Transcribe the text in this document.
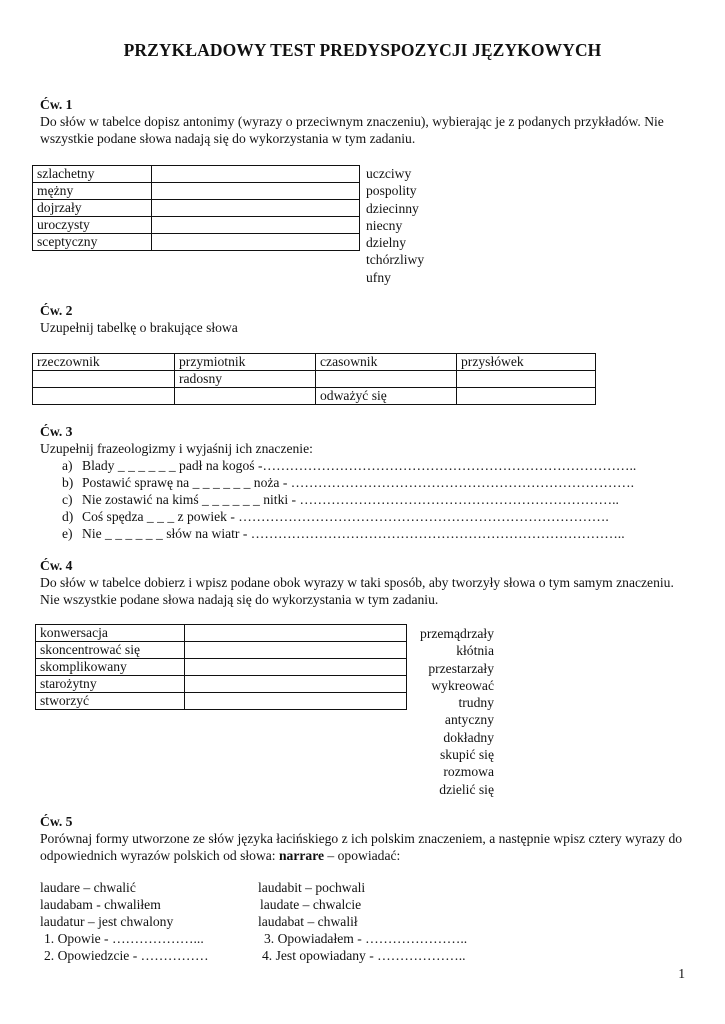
PRZYKŁADOWY TEST PREDYSPOZYCJI JĘZYKOWYCH
Ćw. 1
Do słów w tabelce dopisz antonimy (wyrazy o przeciwnym znaczeniu), wybierając je z podanych przykładów. Nie wszystkie podane słowa nadają się do wykorzystania w tym zadaniu.
szlachetny	
mężny	
dojrzały	
uroczysty	
sceptyczny	
uczciwy
pospolity
dziecinny
niecny
dzielny
tchórzliwy
ufny
Ćw. 2
Uzupełnij tabelkę o brakujące słowa
rzeczownik	przymiotnik	czasownik	przysłówek
	radosny		
		odważyć się	
Ćw. 3
Uzupełnij frazeologizmy i wyjaśnij ich znaczenie:
a) Blady _ _ _ _ _ _ padł na kogoś -………………………………………………………………………..
b) Postawić sprawę na _ _ _ _ _ _ noża - ………………………………………………………………….
c) Nie zostawić na kimś _ _ _ _ _ _ nitki - ……………………………………………………………..
d) Coś spędza _ _ _ z powiek - ……………………………………………………………………….
e) Nie _ _ _ _ _ _ słów na wiatr - ………………………………………………………………………..
Ćw. 4
Do słów w tabelce dobierz i wpisz podane obok wyrazy w taki sposób, aby tworzyły słowa o tym samym znaczeniu. Nie wszystkie podane słowa nadają się do wykorzystania w tym zadaniu.
konwersacja	
skoncentrować się	
skomplikowany	
starożytny	
stworzyć	
przemądrzały
kłótnia
przestarzały
wykreować
trudny
antyczny
dokładny
skupić się
rozmowa
dzielić się
Ćw. 5
Porównaj formy utworzone ze słów języka łacińskiego z ich polskim znaczeniem, a następnie wpisz cztery wyrazy do odpowiednich wyrazów polskich od słowa: narrare – opowiadać:
laudare – chwalić
laudabam - chwaliłem
laudatur – jest chwalony
1. Opowie - ………………...
2. Opowiedzcie - ……………
laudabit – pochwali
laudate – chwalcie
laudabat – chwalił
3. Opowiadałem - …………………..
4. Jest opowiadany - ………………..
1
